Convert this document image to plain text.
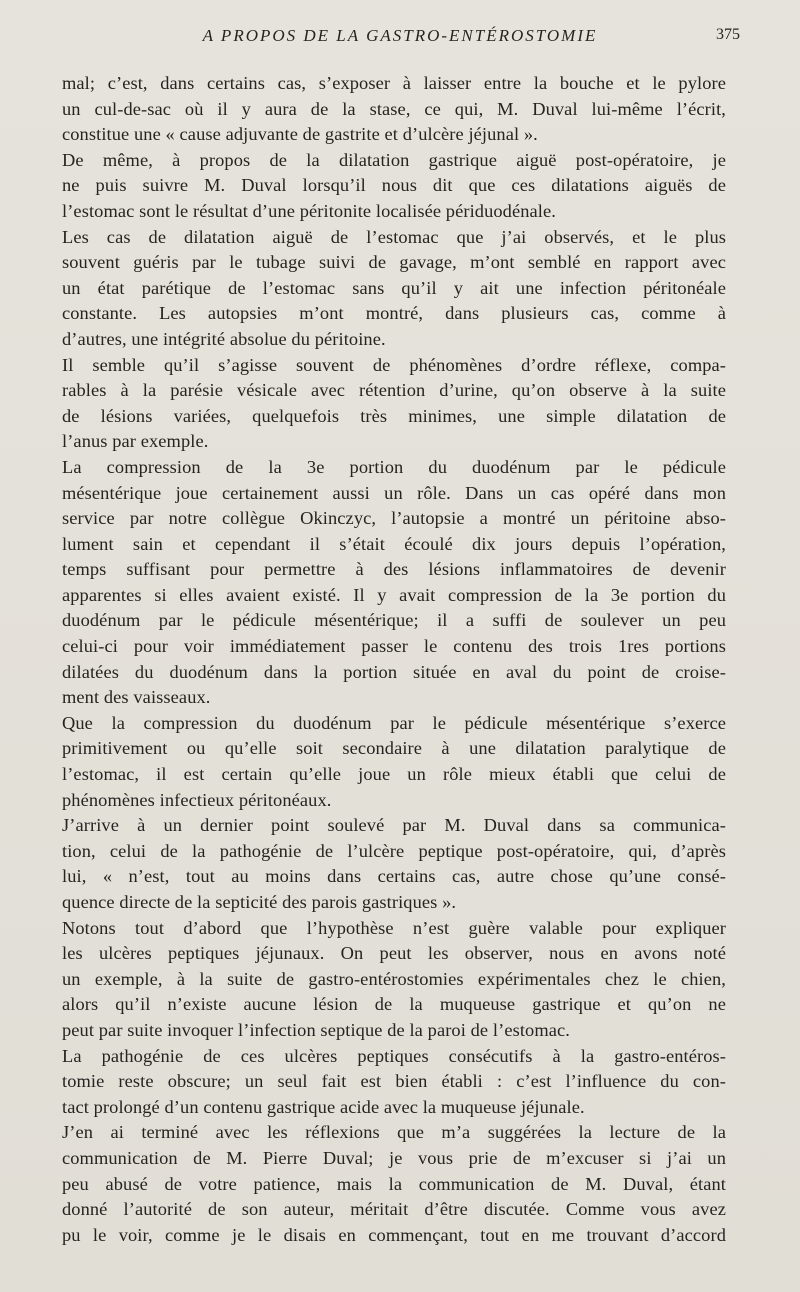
A PROPOS DE LA GASTRO-ENTÉROSTOMIE	375
mal; c’est, dans certains cas, s’exposer à laisser entre la bouche et le pylore
un cul-de-sac où il y aura de la stase, ce qui, M. Duval lui-même l’écrit,
constitue une « cause adjuvante de gastrite et d’ulcère jéjunal ».
De même, à propos de la dilatation gastrique aiguë post-opératoire, je
ne puis suivre M. Duval lorsqu’il nous dit que ces dilatations aiguës de
l’estomac sont le résultat d’une péritonite localisée périduodénale.
Les cas de dilatation aiguë de l’estomac que j’ai observés, et le plus
souvent guéris par le tubage suivi de gavage, m’ont semblé en rapport avec
un état parétique de l’estomac sans qu’il y ait une infection péritonéale
constante. Les autopsies m’ont montré, dans plusieurs cas, comme à
d’autres, une intégrité absolue du péritoine.
Il semble qu’il s’agisse souvent de phénomènes d’ordre réflexe, compa-
rables à la parésie vésicale avec rétention d’urine, qu’on observe à la suite
de lésions variées, quelquefois très minimes, une simple dilatation de
l’anus par exemple.
La compression de la 3e portion du duodénum par le pédicule
mésentérique joue certainement aussi un rôle. Dans un cas opéré dans mon
service par notre collègue Okinczyc, l’autopsie a montré un péritoine abso-
lument sain et cependant il s’était écoulé dix jours depuis l’opération,
temps suffisant pour permettre à des lésions inflammatoires de devenir
apparentes si elles avaient existé. Il y avait compression de la 3e portion du
duodénum par le pédicule mésentérique; il a suffi de soulever un peu
celui-ci pour voir immédiatement passer le contenu des trois 1res portions
dilatées du duodénum dans la portion située en aval du point de croise-
ment des vaisseaux.
Que la compression du duodénum par le pédicule mésentérique s’exerce
primitivement ou qu’elle soit secondaire à une dilatation paralytique de
l’estomac, il est certain qu’elle joue un rôle mieux établi que celui de
phénomènes infectieux péritonéaux.
J’arrive à un dernier point soulevé par M. Duval dans sa communica-
tion, celui de la pathogénie de l’ulcère peptique post-opératoire, qui, d’après
lui, « n’est, tout au moins dans certains cas, autre chose qu’une consé-
quence directe de la septicité des parois gastriques ».
Notons tout d’abord que l’hypothèse n’est guère valable pour expliquer
les ulcères peptiques jéjunaux. On peut les observer, nous en avons noté
un exemple, à la suite de gastro-entérostomies expérimentales chez le chien,
alors qu’il n’existe aucune lésion de la muqueuse gastrique et qu’on ne
peut par suite invoquer l’infection septique de la paroi de l’estomac.
La pathogénie de ces ulcères peptiques consécutifs à la gastro-entéros-
tomie reste obscure; un seul fait est bien établi : c’est l’influence du con-
tact prolongé d’un contenu gastrique acide avec la muqueuse jéjunale.
J’en ai terminé avec les réflexions que m’a suggérées la lecture de la
communication de M. Pierre Duval; je vous prie de m’excuser si j’ai un
peu abusé de votre patience, mais la communication de M. Duval, étant
donné l’autorité de son auteur, méritait d’être discutée. Comme vous avez
pu le voir, comme je le disais en commençant, tout en me trouvant d’accord
